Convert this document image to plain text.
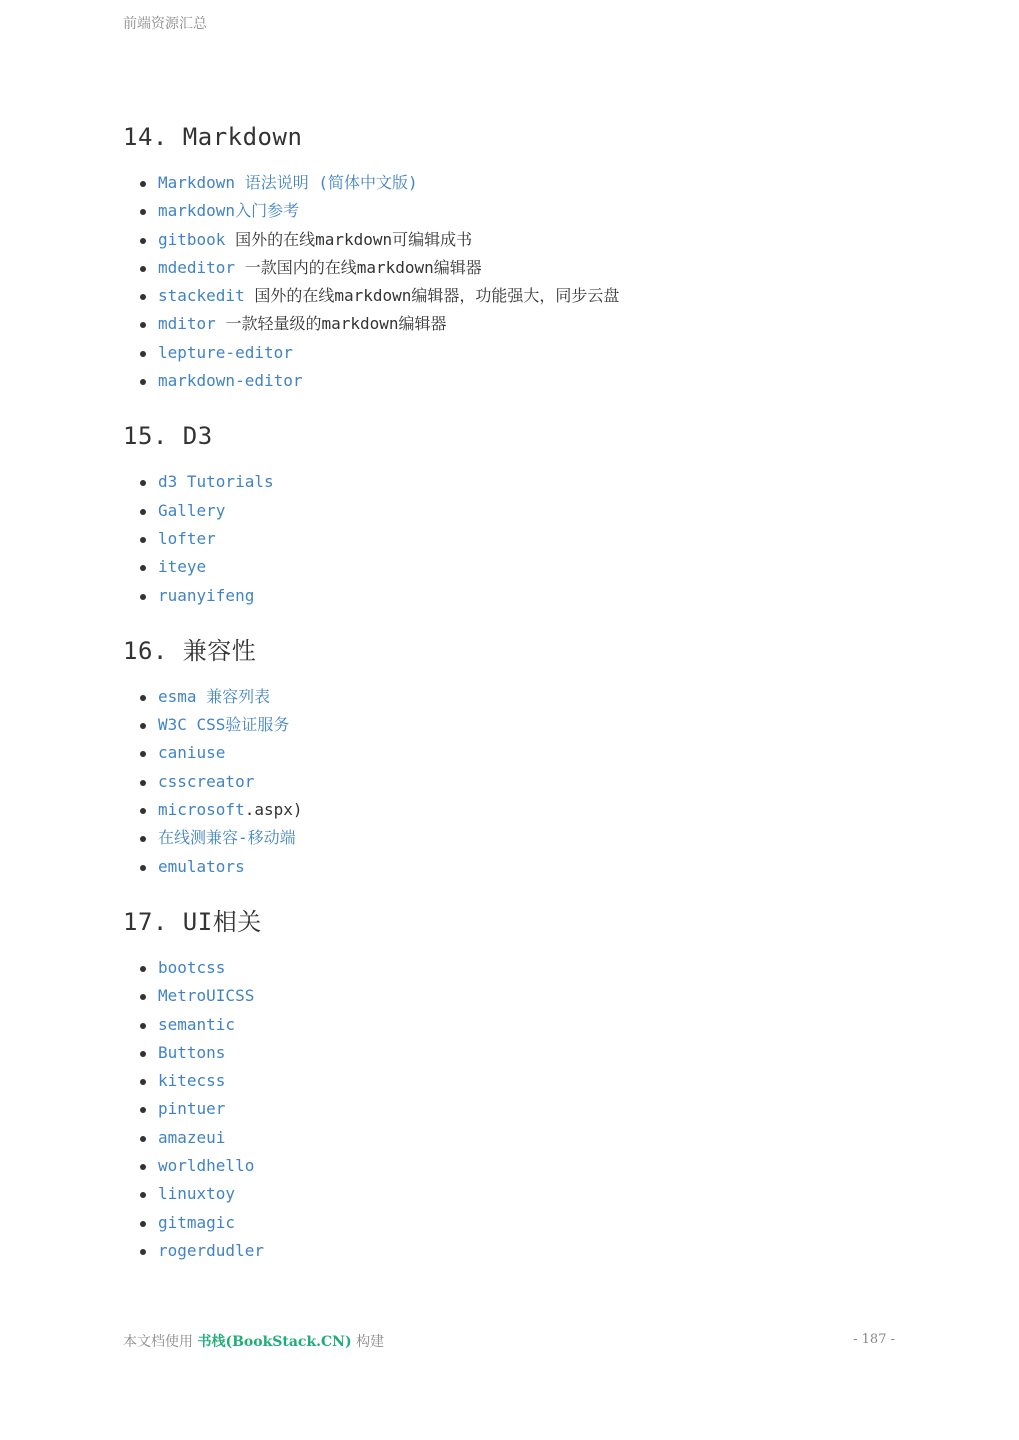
前端资源汇总
14. Markdown
Markdown 语法说明 (简体中文版)
markdown入门参考
gitbook 国外的在线markdown可编辑成书
mdeditor 一款国内的在线markdown编辑器
stackedit 国外的在线markdown编辑器，功能强大，同步云盘
mditor 一款轻量级的markdown编辑器
lepture-editor
markdown-editor
15. D3
d3 Tutorials
Gallery
lofter
iteye
ruanyifeng
16. 兼容性
esma 兼容列表
W3C CSS验证服务
caniuse
csscreator
microsoft.aspx)
在线测兼容-移动端
emulators
17. UI相关
bootcss
MetroUICSS
semantic
Buttons
kitecss
pintuer
amazeui
worldhello
linuxtoy
gitmagic
rogerdudler
本文档使用 书栈(BookStack.CN) 构建	- 187 -
